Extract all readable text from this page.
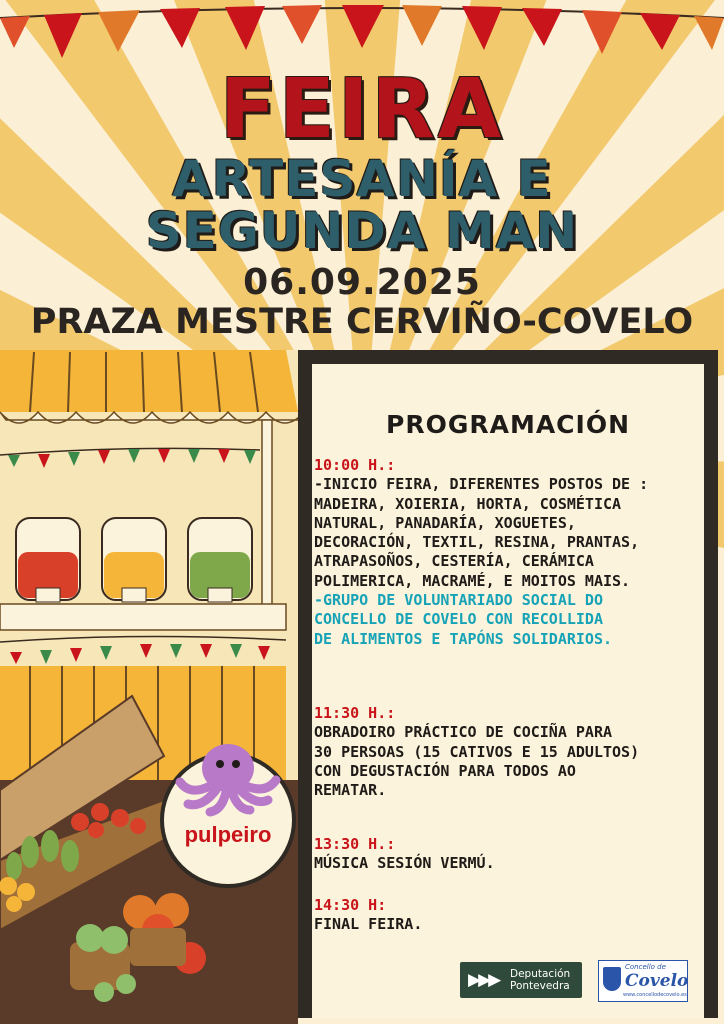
pulpeiro
FEIRA
ARTESANÍA E
SEGUNDA MAN
06.09.2025
PRAZA MESTRE CERVIÑO-COVELO
PROGRAMACIÓN

10:00 H.:

-INICIO FEIRA, DIFERENTES POSTOS DE :

MADEIRA, XOIERIA, HORTA, COSMÉTICA

NATURAL, PANADARÍA, XOGUETES,

DECORACIÓN, TEXTIL, RESINA, PRANTAS,

ATRAPASOÑOS, CESTERÍA, CERÁMICA

POLIMERICA, MACRAMÉ, E MOITOS MAIS.

-GRUPO DE VOLUNTARIADO SOCIAL DO

CONCELLO DE COVELO CON RECOLLIDA

DE ALIMENTOS E TAPÓNS SOLIDARIOS.

11:30 H.:

OBRADOIRO PRÁCTICO DE COCIÑA PARA

30 PERSOAS (15 CATIVOS E 15 ADULTOS)

CON DEGUSTACIÓN PARA TODOS AO

REMATAR.

13:30 H.:

MÚSICA SESIÓN VERMÚ.

14:30 H:

FINAL FEIRA.

▶▶▶ Deputación
Pontevedra
Concello de
Covelo
www.concellodecovelo.es
